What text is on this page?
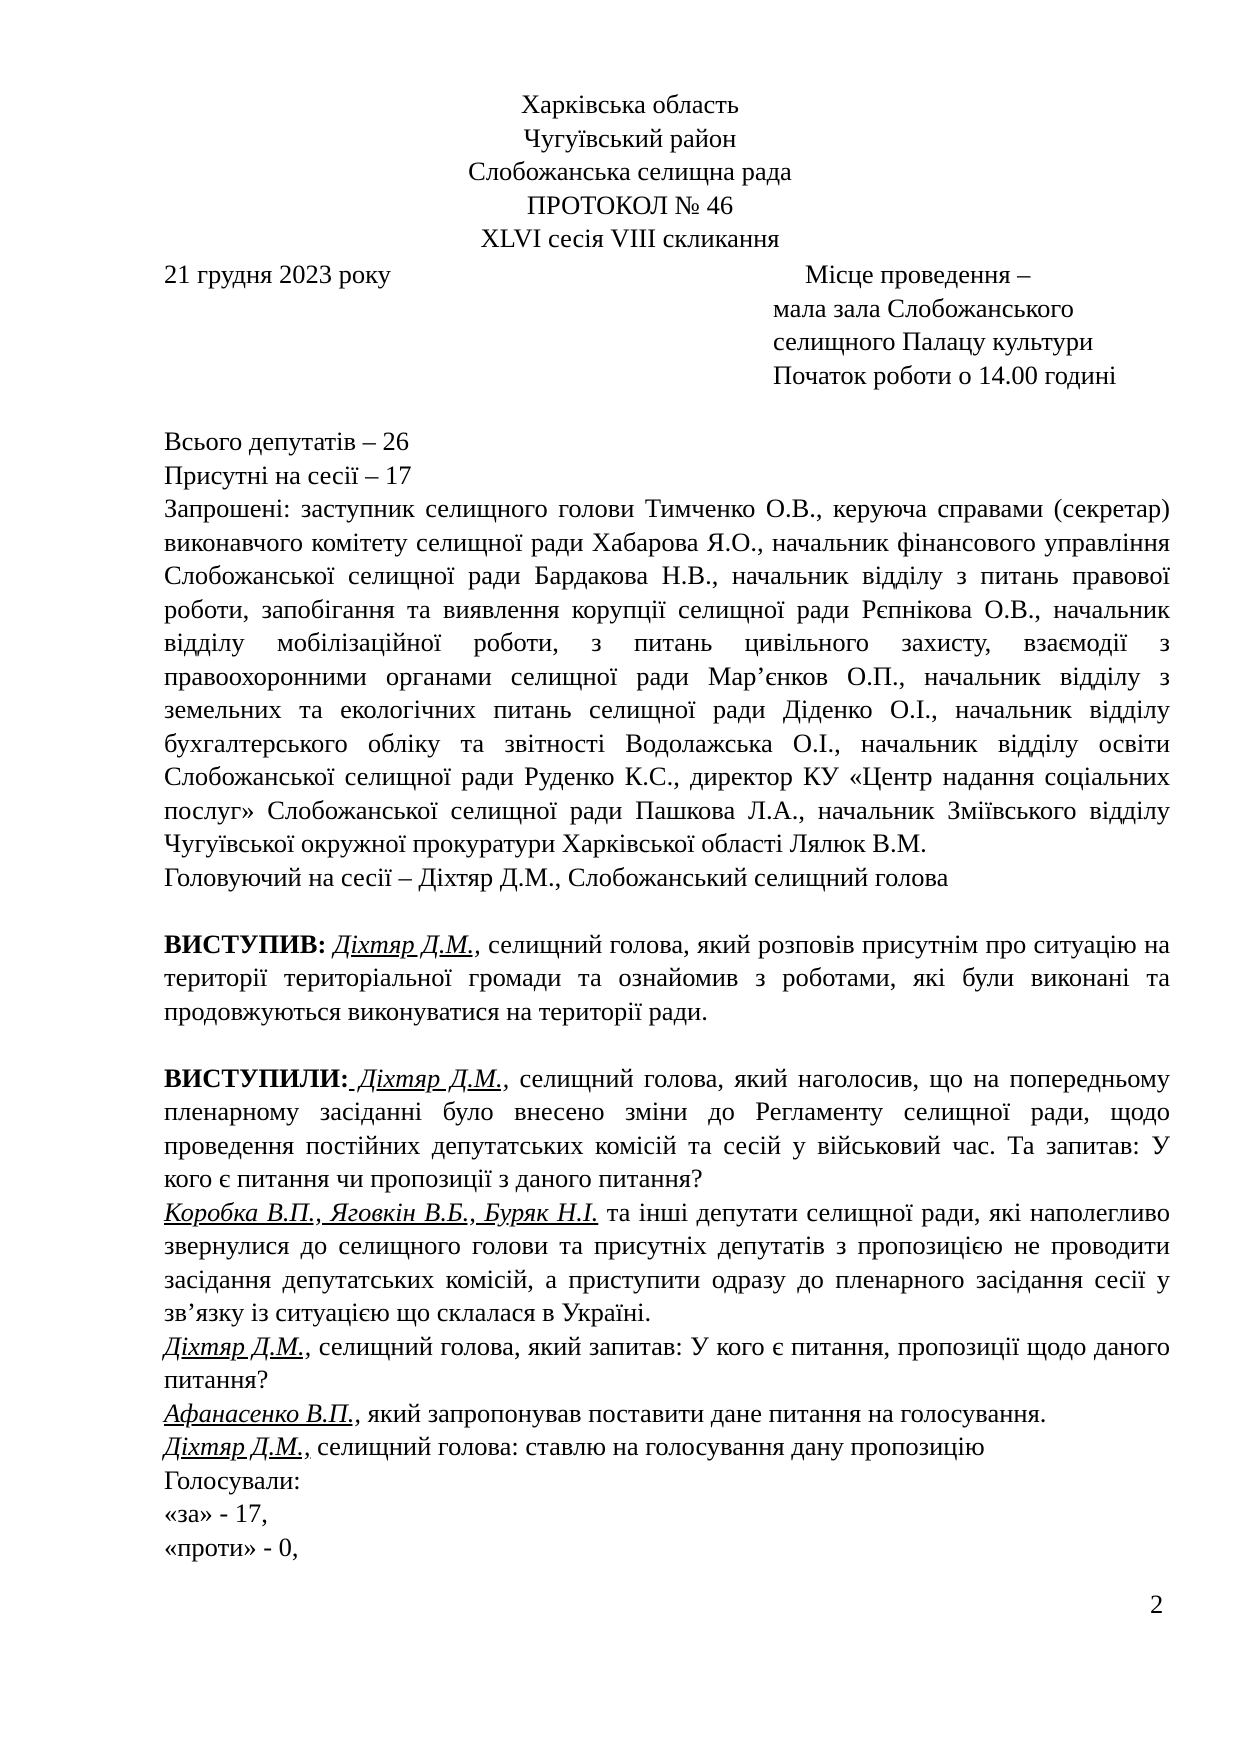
Харківська область
Чугуївський район
Слобожанська селищна рада
ПРОТОКОЛ № 46
XLVI сесія VIII скликання
21 грудня 2023 року	Місце проведення –
мала зала Слобожанського
селищного Палацу культури
Початок роботи о 14.00 годині

Всього депутатів – 26

Присутні на сесії – 17

Запрошені: заступник селищного голови Тимченко О.В., керуюча справами (секретар) виконавчого комітету селищної ради Хабарова Я.О., начальник фінансового управління Слобожанської селищної ради Бардакова Н.В., начальник відділу з питань правової роботи, запобігання та виявлення корупції селищної ради Рєпнікова О.В., начальник відділу мобілізаційної роботи, з питань цивільного захисту, взаємодії з правоохоронними органами селищної ради Мар’єнков О.П., начальник відділу з земельних та екологічних питань селищної ради Діденко О.І., начальник відділу бухгалтерського обліку та звітності Водолажська О.І., начальник відділу освіти Слобожанської селищної ради Руденко К.С., директор КУ «Центр надання соціальних послуг» Слобожанської селищної ради Пашкова Л.А., начальник Зміївського відділу Чугуївської окружної прокуратури Харківської області Лялюк В.М.

Головуючий на сесії – Діхтяр Д.М., Слобожанський селищний голова

ВИСТУПИВ: Діхтяр Д.М., селищний голова, який розповів присутнім про ситуацію на території територіальної громади та ознайомив з роботами, які були виконані та продовжуються виконуватися на території ради.

ВИСТУПИЛИ: Діхтяр Д.М., селищний голова, який наголосив, що на попередньому пленарному засіданні було внесено зміни до Регламенту селищної ради, щодо проведення постійних депутатських комісій та сесій у військовий час. Та запитав: У кого є питання чи пропозиції з даного питання?

Коробка В.П., Яговкін В.Б., Буряк Н.І. та інші депутати селищної ради, які наполегливо звернулися до селищного голови та присутніх депутатів з пропозицією не проводити засідання депутатських комісій, а приступити одразу до пленарного засідання сесії у зв’язку із ситуацією що склалася в Україні.

Діхтяр Д.М., селищний голова, який запитав: У кого є питання, пропозиції щодо даного питання?

Афанасенко В.П., який запропонував поставити дане питання на голосування.

Діхтяр Д.М., селищний голова: ставлю на голосування дану пропозицію

Голосували:

«за» - 17,

«проти» - 0,

2
